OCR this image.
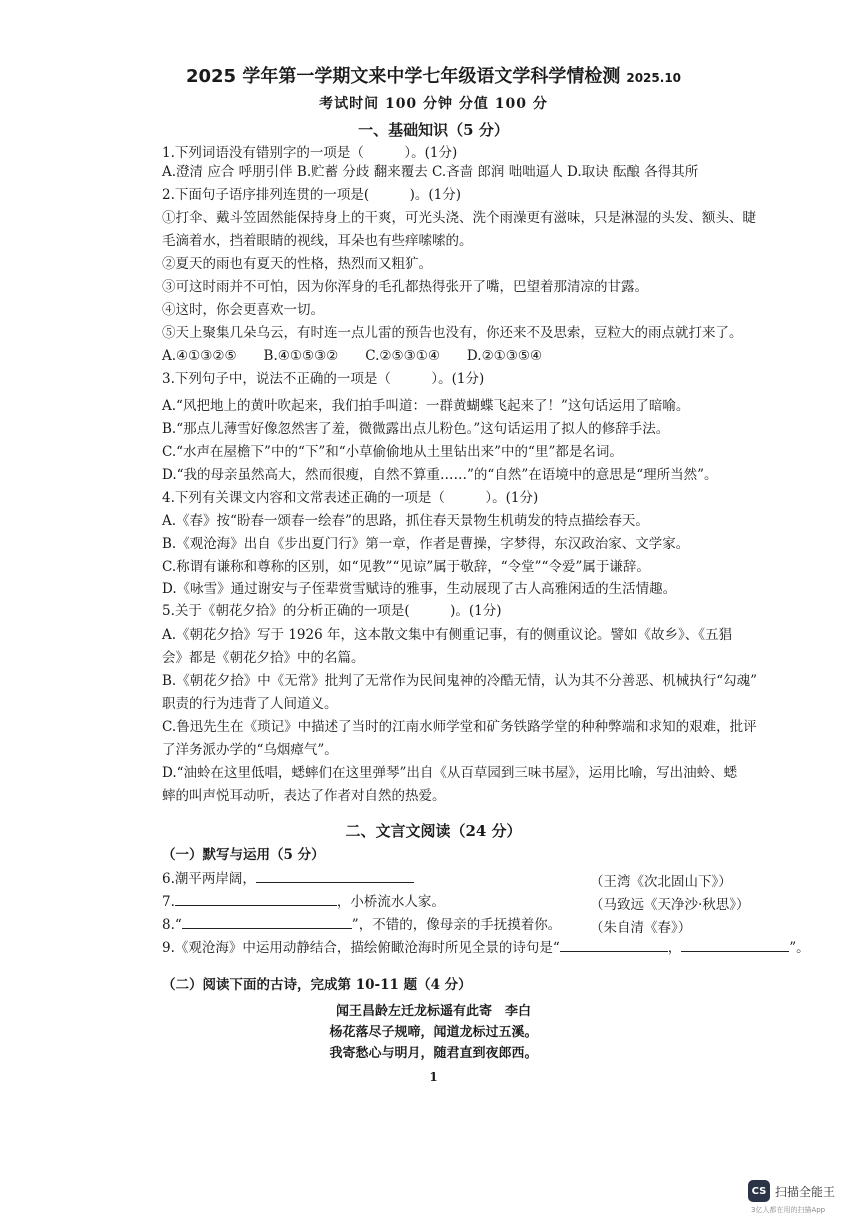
2025 学年第一学期文来中学七年级语文学科学情检测 2025.10
考试时间 100 分钟 分值 100 分
一、基础知识（5 分）
1.下列词语没有错别字的一项是（　　　）。(1分)
A.澄清 应合 呼朋引伴 B.贮蓄 分歧 翻来覆去 C.吝啬 郎润 咄咄逼人 D.取诀 酝酿 各得其所
2.下面句子语序排列连贯的一项是(　　　)。(1分)
①打伞、戴斗笠固然能保持身上的干爽，可光头浇、洗个雨澡更有滋味，只是淋湿的头发、额头、睫
毛滴着水，挡着眼睛的视线，耳朵也有些痒嗦嗦的。
②夏天的雨也有夏天的性格，热烈而又粗犷。
③可这时雨并不可怕，因为你浑身的毛孔都热得张开了嘴，巴望着那清凉的甘露。
④这时，你会更喜欢一切。
⑤天上聚集几朵乌云，有时连一点儿雷的预告也没有，你还来不及思索，豆粒大的雨点就打来了。
A.④①③②⑤　　B.④①⑤③②　　C.②⑤③①④　　D.②①③⑤④
3.下列句子中，说法不正确的一项是（　　　）。(1分)
A.“风把地上的黄叶吹起来，我们拍手叫道：一群黄蝴蝶飞起来了！”这句话运用了暗喻。
B.“那点儿薄雪好像忽然害了羞，微微露出点儿粉色。”这句话运用了拟人的修辞手法。
C.“水声在屋檐下”中的“下”和“小草偷偷地从土里钻出来”中的“里”都是名词。
D.“我的母亲虽然高大，然而很瘦，自然不算重……”的“自然”在语境中的意思是“理所当然”。
4.下列有关课文内容和文常表述正确的一项是（　　　）。(1分)
A.《春》按“盼春一颂春一绘春”的思路，抓住春天景物生机萌发的特点描绘春天。
B.《观沧海》出自《步出夏门行》第一章，作者是曹操，字梦得，东汉政治家、文学家。
C.称谓有谦称和尊称的区别，如“见教”“见谅”属于敬辞，“令堂”“令爱”属于谦辞。
D.《咏雪》通过谢安与子侄辈赏雪赋诗的雅事，生动展现了古人高雅闲适的生活情趣。
5.关于《朝花夕拾》的分析正确的一项是(　　　)。(1分)
A.《朝花夕拾》写于 1926 年，这本散文集中有侧重记事，有的侧重议论。譬如《故乡》、《五猖
会》都是《朝花夕拾》中的名篇。
B.《朝花夕拾》中《无常》批判了无常作为民间鬼神的冷酷无情，认为其不分善恶、机械执行“勾魂”
职责的行为违背了人间道义。
C.鲁迅先生在《琐记》中描述了当时的江南水师学堂和矿务铁路学堂的种种弊端和求知的艰难，批评
了洋务派办学的“乌烟瘴气”。
D.“油蛉在这里低唱，蟋蟀们在这里弹琴”出自《从百草园到三味书屋》，运用比喻，写出油蛉、蟋
蟀的叫声悦耳动听，表达了作者对自然的热爱。
二、文言文阅读（24 分）
（一）默写与运用（5 分）
6.潮平两岸阔，	（王湾《次北固山下》）
7.	，小桥流水人家。	（马致远《天净沙·秋思》）
8.“	”，不错的，像母亲的手抚摸着你。 （朱自清《春》）
9.《观沧海》中运用动静结合，描绘俯瞰沧海时所见全景的诗句是“	，	”。
（二）阅读下面的古诗，完成第 10-11 题（4 分）
闻王昌龄左迁龙标遥有此寄　李白
杨花落尽子规啼，闻道龙标过五溪。
我寄愁心与明月，随君直到夜郎西。
1
CS 扫描全能王
3亿人都在用的扫描App
